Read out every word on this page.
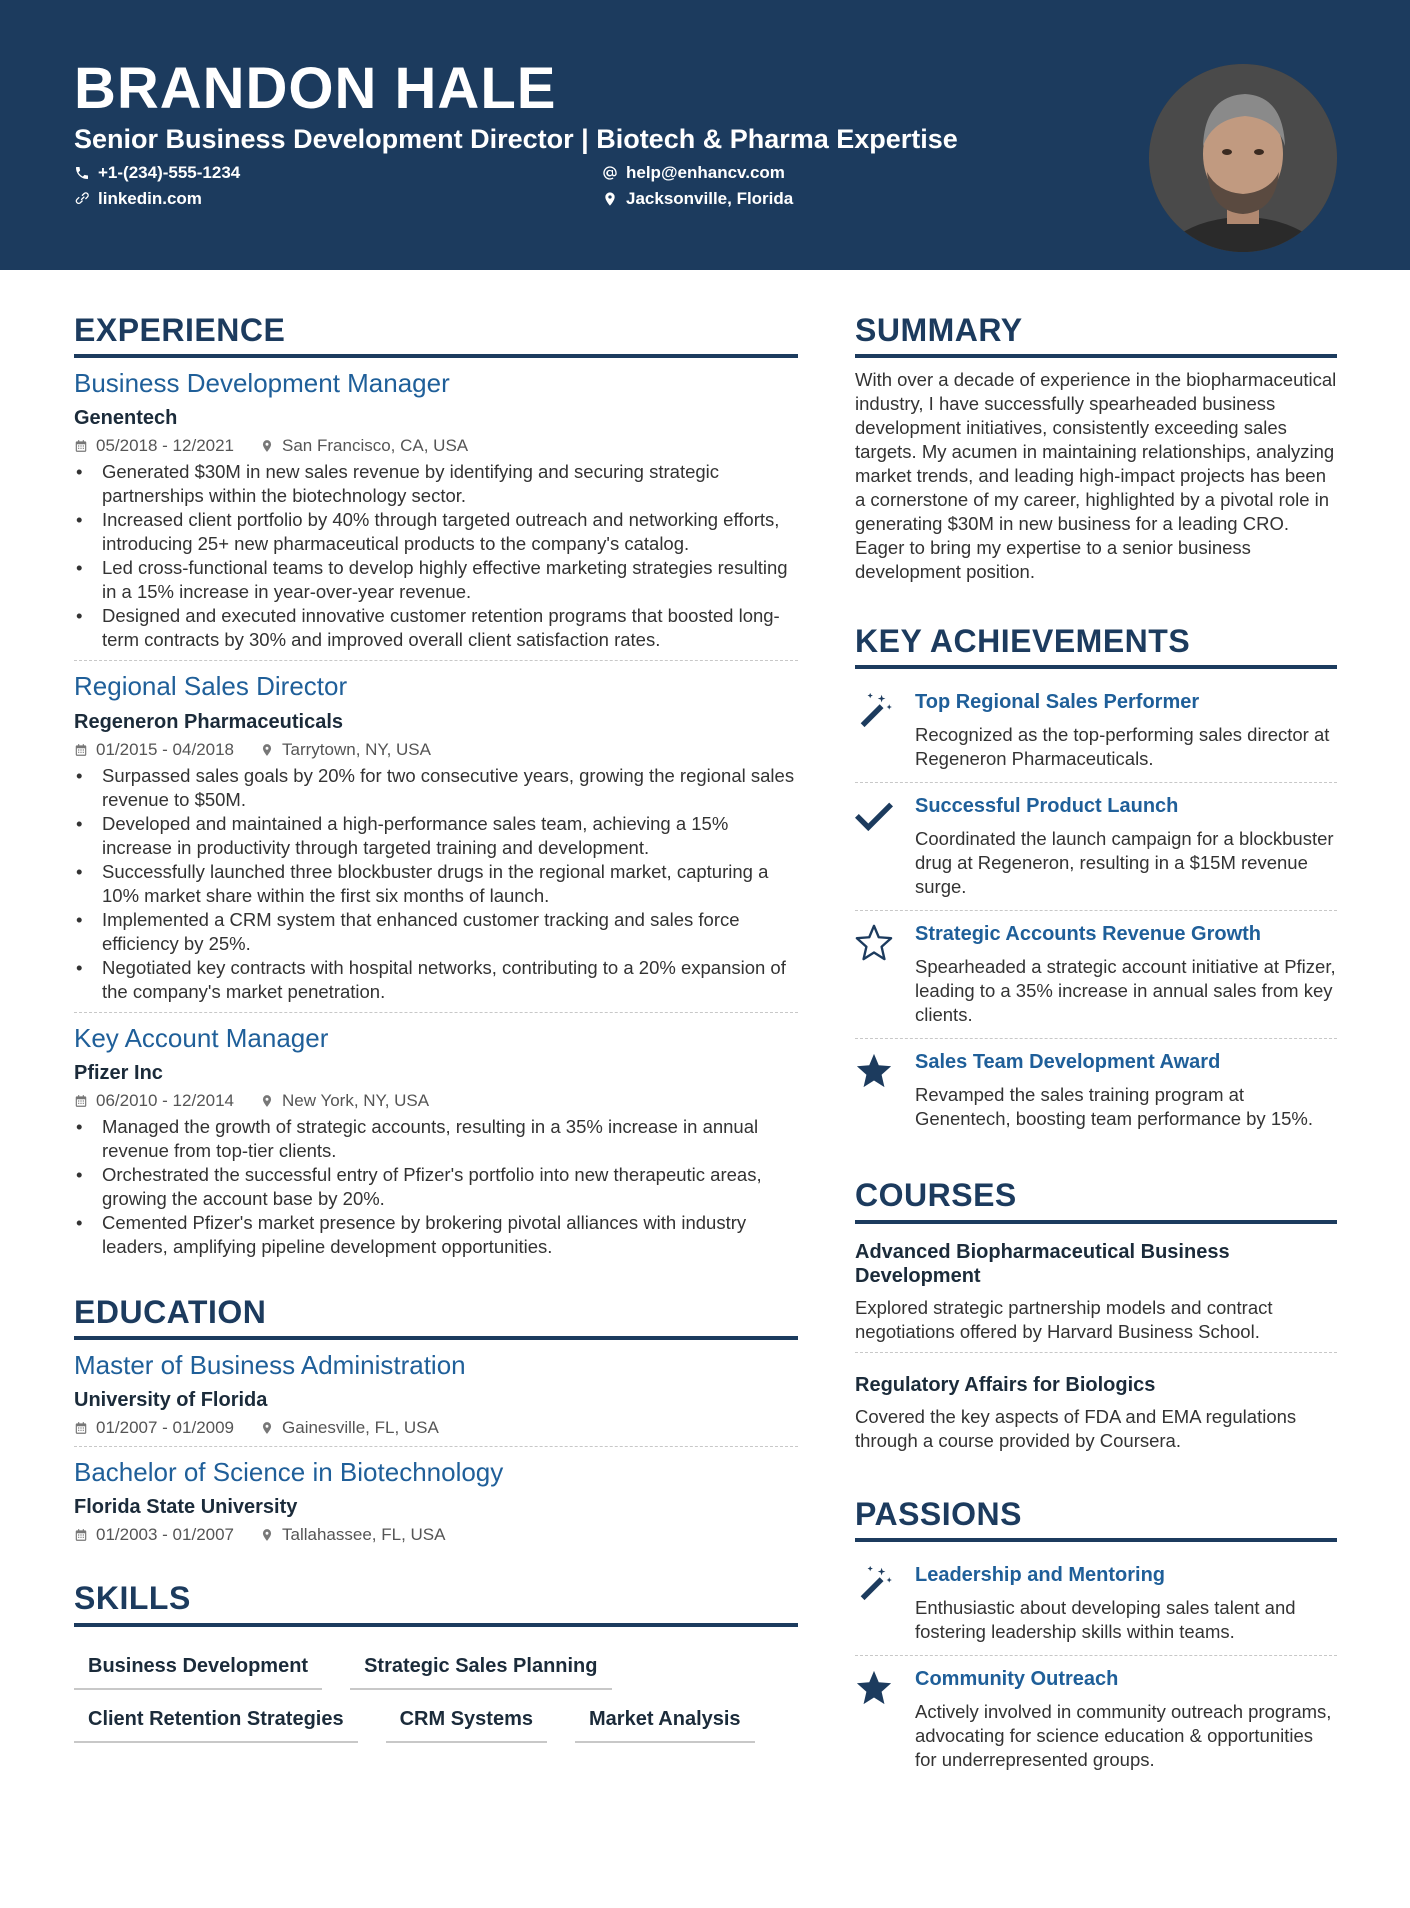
BRANDON HALE
Senior Business Development Director | Biotech & Pharma Expertise
+1-(234)-555-1234
linkedin.com
help@enhancv.com
Jacksonville, Florida
EXPERIENCE
Business Development Manager
Genentech
05/2018 - 12/2021	San Francisco, CA, USA
• Generated $30M in new sales revenue by identifying and securing strategic partnerships within the biotechnology sector.
• Increased client portfolio by 40% through targeted outreach and networking efforts, introducing 25+ new pharmaceutical products to the company's catalog.
• Led cross-functional teams to develop highly effective marketing strategies resulting in a 15% increase in year-over-year revenue.
• Designed and executed innovative customer retention programs that boosted long-term contracts by 30% and improved overall client satisfaction rates.
Regional Sales Director
Regeneron Pharmaceuticals
01/2015 - 04/2018	Tarrytown, NY, USA
• Surpassed sales goals by 20% for two consecutive years, growing the regional sales revenue to $50M.
• Developed and maintained a high-performance sales team, achieving a 15% increase in productivity through targeted training and development.
• Successfully launched three blockbuster drugs in the regional market, capturing a 10% market share within the first six months of launch.
• Implemented a CRM system that enhanced customer tracking and sales force efficiency by 25%.
• Negotiated key contracts with hospital networks, contributing to a 20% expansion of the company's market penetration.
Key Account Manager
Pfizer Inc
06/2010 - 12/2014	New York, NY, USA
• Managed the growth of strategic accounts, resulting in a 35% increase in annual revenue from top-tier clients.
• Orchestrated the successful entry of Pfizer's portfolio into new therapeutic areas, growing the account base by 20%.
• Cemented Pfizer's market presence by brokering pivotal alliances with industry leaders, amplifying pipeline development opportunities.
EDUCATION
Master of Business Administration
University of Florida
01/2007 - 01/2009	Gainesville, FL, USA
Bachelor of Science in Biotechnology
Florida State University
01/2003 - 01/2007	Tallahassee, FL, USA
SKILLS
Business Development	Strategic Sales Planning
Client Retention Strategies	CRM Systems	Market Analysis
SUMMARY
With over a decade of experience in the biopharmaceutical industry, I have successfully spearheaded business development initiatives, consistently exceeding sales targets. My acumen in maintaining relationships, analyzing market trends, and leading high-impact projects has been a cornerstone of my career, highlighted by a pivotal role in generating $30M in new business for a leading CRO. Eager to bring my expertise to a senior business development position.
KEY ACHIEVEMENTS
Top Regional Sales Performer
Recognized as the top-performing sales director at Regeneron Pharmaceuticals.
Successful Product Launch
Coordinated the launch campaign for a blockbuster drug at Regeneron, resulting in a $15M revenue surge.
Strategic Accounts Revenue Growth
Spearheaded a strategic account initiative at Pfizer, leading to a 35% increase in annual sales from key clients.
Sales Team Development Award
Revamped the sales training program at Genentech, boosting team performance by 15%.
COURSES
Advanced Biopharmaceutical Business Development
Explored strategic partnership models and contract negotiations offered by Harvard Business School.
Regulatory Affairs for Biologics
Covered the key aspects of FDA and EMA regulations through a course provided by Coursera.
PASSIONS
Leadership and Mentoring
Enthusiastic about developing sales talent and fostering leadership skills within teams.
Community Outreach
Actively involved in community outreach programs, advocating for science education & opportunities for underrepresented groups.
